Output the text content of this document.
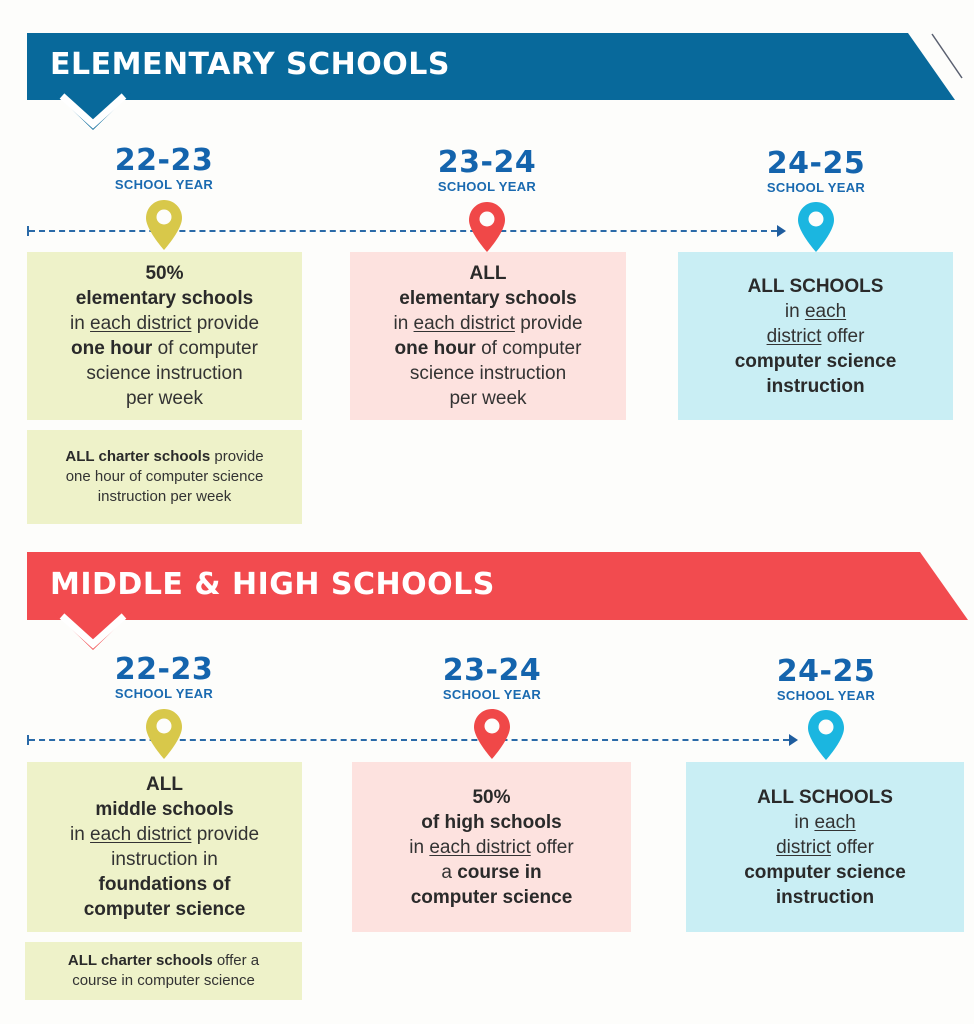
ELEMENTARY SCHOOLS
22-23
SCHOOL YEAR
23-24
SCHOOL YEAR
24-25
SCHOOL YEAR
50%
elementary schools
in each district provide
one hour of computer
science instruction
per week
ALL
elementary schools
in each district provide
one hour of computer
science instruction
per week
ALL SCHOOLS
in each
district offer
computer science
instruction
ALL charter schools provide
one hour of computer science
instruction per week
MIDDLE & HIGH SCHOOLS
22-23
SCHOOL YEAR
23-24
SCHOOL YEAR
24-25
SCHOOL YEAR
ALL
middle schools
in each district provide
instruction in
foundations of
computer science
50%
of high schools
in each district offer
a course in
computer science
ALL SCHOOLS
in each
district offer
computer science
instruction
ALL charter schools offer a
course in computer science
